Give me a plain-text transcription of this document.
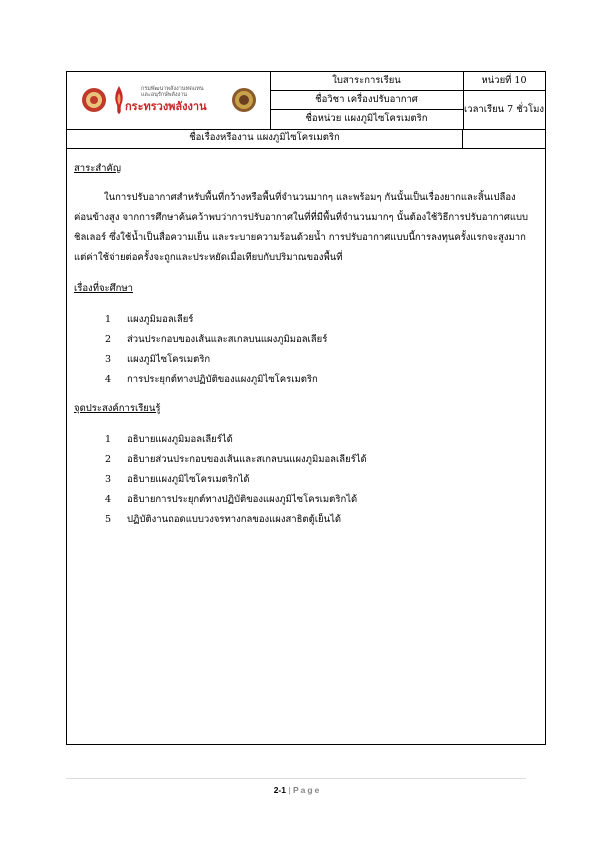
กรมพัฒนาพลังงานทดแทน
และอนุรักษ์พลังงาน
กระทรวงพลังงาน
ใบสาระการเรียน
ชื่อวิชา เครื่องปรับอากาศ
ชื่อหน่วย แผงภูมิไซโครเมตริก
หน่วยที่ 10
เวลาเรียน 7 ชั่วโมง
ชื่อเรื่องหรืองาน แผงภูมิไซโครเมตริก

สาระสำคัญ

ในการปรับอากาศสำหรับพื้นที่กว้างหรือพื้นที่จำนวนมากๆ และพร้อมๆ กันนั้นเป็นเรื่องยากและสิ้นเปลือง

ค่อนข้างสูง จากการศึกษาค้นคว้าพบว่าการปรับอากาศในที่ที่มีพื้นที่จำนวนมากๆ นั้นต้องใช้วิธีการปรับอากาศแบบ

ชิลเลอร์ ซึ่งใช้น้ำเป็นสื่อความเย็น และระบายความร้อนด้วยน้ำ การปรับอากาศแบบนี้การลงทุนครั้งแรกจะสูงมาก

แต่ค่าใช้จ่ายต่อครั้งจะถูกและประหยัดเมื่อเทียบกับปริมาณของพื้นที่

เรื่องที่จะศึกษา

1 แผงภูมิมอลเลียร์
2 ส่วนประกอบของเส้นและสเกลบนแผงภูมิมอลเลียร์
3 แผงภูมิไซโครเมตริก
4 การประยุกต์ทางปฏิบัติของแผงภูมิไซโครเมตริก

จุดประสงค์การเรียนรู้

1 อธิบายแผงภูมิมอลเลียร์ได้
2 อธิบายส่วนประกอบของเส้นและสเกลบนแผงภูมิมอลเลียร์ได้
3 อธิบายแผงภูมิไซโครเมตริกได้
4 อธิบายการประยุกต์ทางปฏิบัติของแผงภูมิไซโครเมตริกได้
5 ปฏิบัติงานถอดแบบวงจรทางกลของแผงสาธิตตู้เย็นได้
2-1 | Page
